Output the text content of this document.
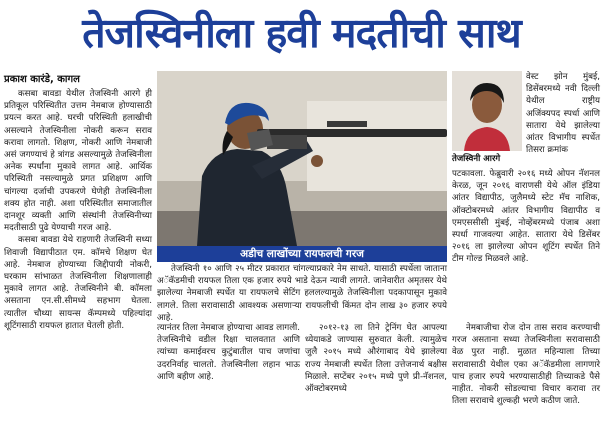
तेजस्विनीला हवी मदतीची साथ
प्रकाश कारंडे, कागल

कसबा बावडा येथील तेजस्विनी आरगे ही प्रतिकूल परिस्थितीत उत्तम नेमबाज होण्यासाठी प्रयत्न करत आहे. घरची परिस्थिती हलाखीची असल्याने तेजस्विनीला नोकरी करून सराव करावा लागतो. शिक्षण, नोकरी आणि नेमबाजी असं जगण्याचं हे त्रांगड असल्यामुळे तेजस्विनीला अनेक स्पर्धांना मुकावे लागत आहे. आर्थिक परिस्थिती नसल्यामुळे प्रगत प्रशिक्षण आणि चांगल्या दर्जाची उपकरणे घेणेही तेजस्विनीला शक्य होत नाही. अशा परिस्थितीत समाजातील दानशूर व्यक्ती आणि संस्थांनी तेजस्विनीच्या मदतीसाठी पुढे येण्याची गरज आहे.

कसबा बावडा येथे राहणारी तेजस्विनी सध्या शिवाजी विद्यापीठात एम. कॉमचे शिक्षण घेत आहे. नेमबाज होण्याच्या जिद्दीपायी नोकरी, घरकाम सांभाळत तेजस्विनीला शिक्षणालाही मुकावे लागत आहे. तेजस्विनीने बी. कॉमला असताना एन.सी.सीमध्ये सहभाग घेतला. त्यातील चौथ्या सायन्स कॅम्पमध्ये पहिल्यांदा शूटिंगसाठी रायफल हातात घेतली होती.

अडीच लाखोंच्या रायफलची गरज

तेजस्विनी १० आणि २५ मीटर प्रकारात चांगल्याप्रकारे नेम साधते. यासाठी स्पर्धेला जाताना अॅकॅडमीची रायफल तिला एक हजार रुपये भाडे देऊन न्यावी लागते. जानेवारीत अमृतसर येथे झालेल्या नेमबाजी स्पर्धेत या रायफलचे सेटिंग हललल्यामुळे तेजस्विनीला पदकापासून मुकावे लागले. तिला सरावासाठी आवश्यक असणाऱ्या रायफलीची किंमत दोन लाख ३० हजार रुपये आहे.

त्यानंतर तिला नेमबाज होण्याचा आवड लागली. तेजस्विनीचे वडील रिक्षा चालवतात आणि त्यांच्या कमाईवरच कुटुंबातील पाच जणांचा उदरनिर्वाह चालतो. तेजस्विनीला लहान भाऊ आणि बहीण आहे.

२०१२-१३ ला तिने ट्रेनिंग घेत आपल्या ध्येयाकडे जाण्यास सुरुवात केली. त्यामुळेच जुलै २०१५ मध्ये औरंगाबाद येथे झालेल्या राज्य नेमबाजी स्पर्धेत तिला उत्तेजनार्थ बक्षीस मिळाले. सप्टेंबर २०१५ मध्ये पुणे प्री-नॅशनल, ऑक्टोबरमध्ये

तेजस्विनी आरगे

वेस्ट झोन मुंबई, डिसेंबरमध्ये नवी दिल्ली येथील राष्ट्रीय अजिंक्यपद स्पर्धा आणि सातारा येथे झालेल्या आंतर विभागीय स्पर्धेत तिसरा क्रमांक

पटकावला. फेब्रुवारी २०१६ मध्ये ओपन नॅशनल केरळ, जून २०१६ वाराणसी येथे ऑल इंडिया आंतर विद्यापीठ, जुलैमध्ये स्टेट मॅच नाशिक, ऑक्टोबरमध्ये आंतर विभागीय विद्यापीठ व एमएससीसी मुंबई, नोव्हेंबरमध्ये पंजाब अशा स्पर्धा गाजवल्या आहेत. सातारा येथे डिसेंबर २०१६ ला झालेल्या ओपन शूटिंग स्पर्धेत तिने टीम गोल्ड मिळवले आहे.

नेमबाजीचा रोज दोन तास सराव करण्याची गरज असताना सध्या तेजस्विनीला सरावासाठी वेळ पुरत नाही. मुळात महिन्याला तिच्या सरावासाठी येथील एका अॅकॅडमीला लागणारे पाच हजार रुपये भरण्यासाठीही तिच्याकडे पैसे नाहीत. नोकरी सोडल्याचा विचार करावा तर तिला सरावाचे शुल्कही भरणे कठीण जाते.
